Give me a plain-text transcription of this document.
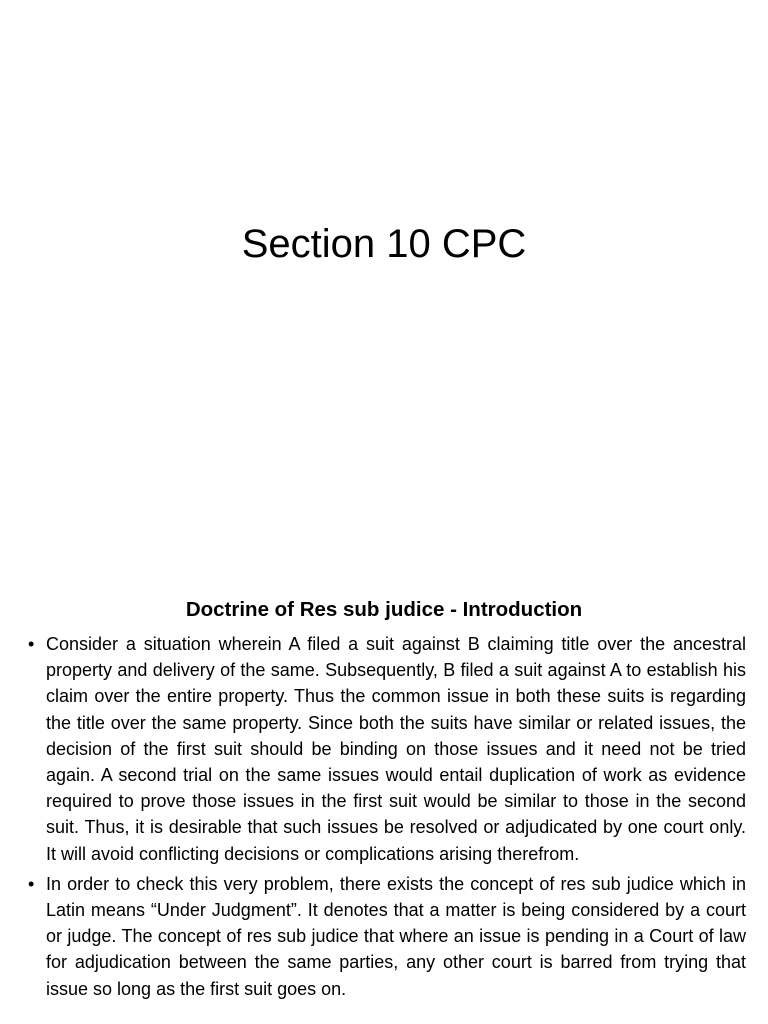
Section 10 CPC
Doctrine of Res sub judice - Introduction
• Consider a situation wherein A filed a suit against B claiming title over the ancestral property and delivery of the same. Subsequently, B filed a suit against A to establish his claim over the entire property. Thus the common issue in both these suits is regarding the title over the same property. Since both the suits have similar or related issues, the decision of the first suit should be binding on those issues and it need not be tried again. A second trial on the same issues would entail duplication of work as evidence required to prove those issues in the first suit would be similar to those in the second suit. Thus, it is desirable that such issues be resolved or adjudicated by one court only. It will avoid conflicting decisions or complications arising therefrom.
• In order to check this very problem, there exists the concept of res sub judice which in Latin means “Under Judgment”. It denotes that a matter is being considered by a court or judge. The concept of res sub judice that where an issue is pending in a Court of law for adjudication between the same parties, any other court is barred from trying that issue so long as the first suit goes on.
